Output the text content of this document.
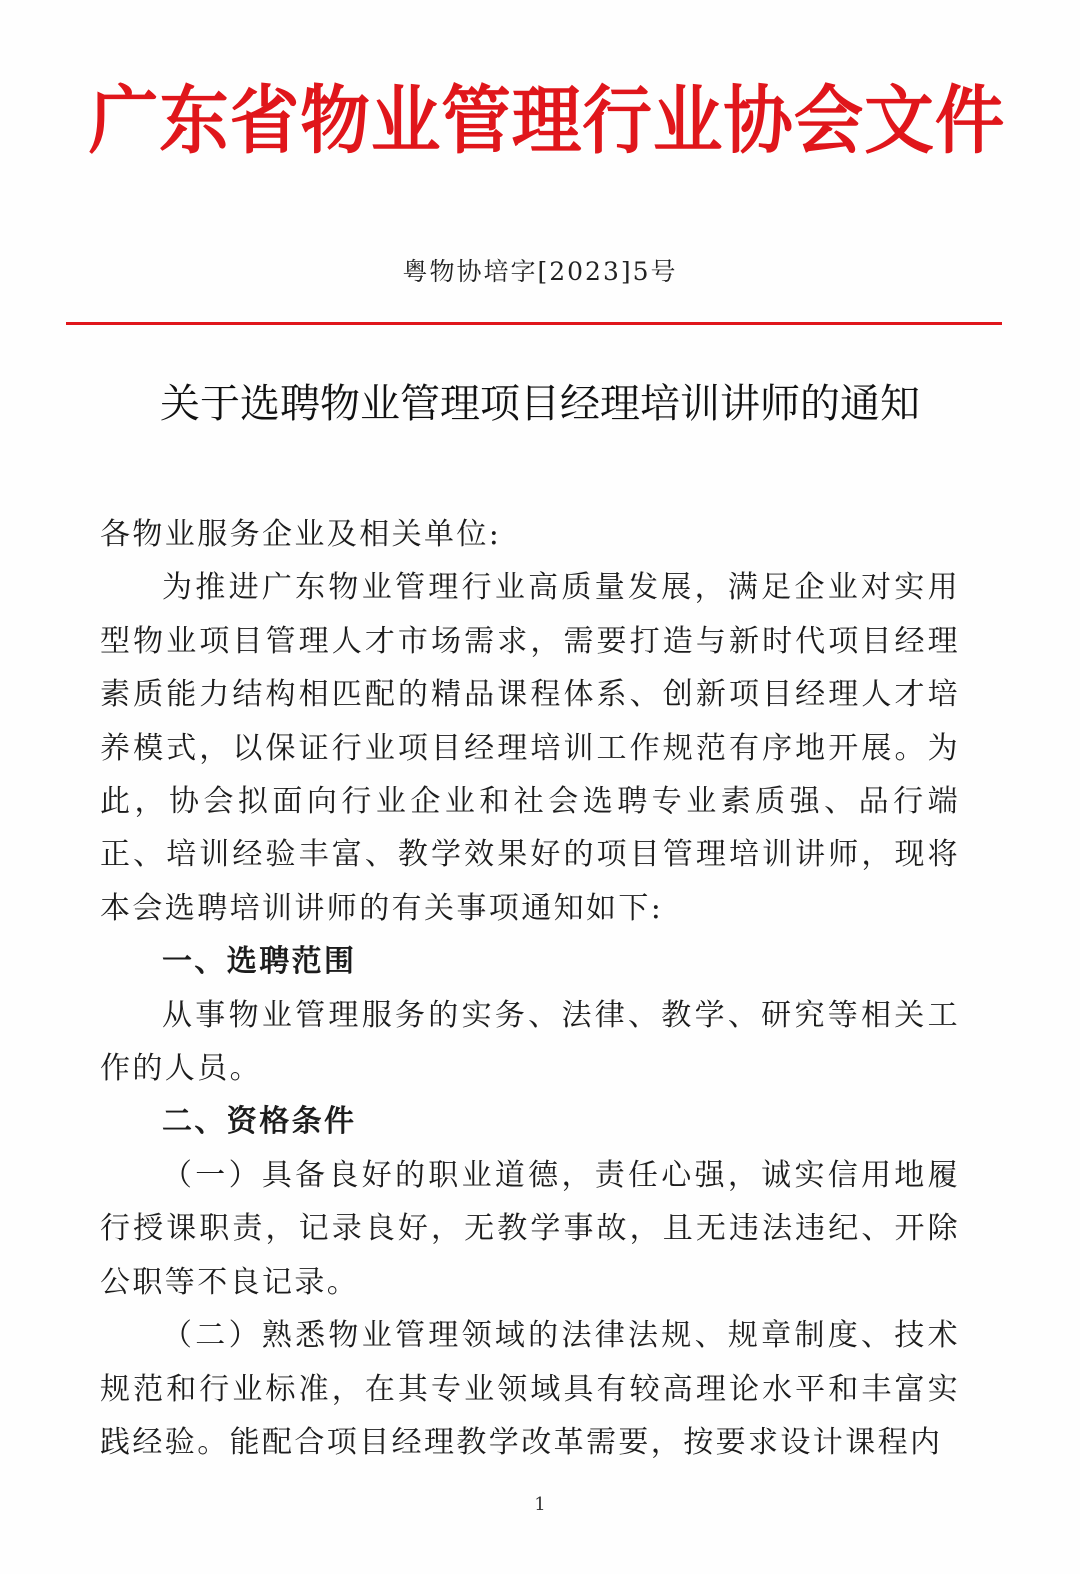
广东省物业管理行业协会文件
粤物协培字[2023]5号
关于选聘物业管理项目经理培训讲师的通知

各物业服务企业及相关单位:

为推进广东物业管理行业高质量发展，满足企业对实用型物业项目管理人才市场需求，需要打造与新时代项目经理素质能力结构相匹配的精品课程体系、创新项目经理人才培养模式，以保证行业项目经理培训工作规范有序地开展。为此，协会拟面向行业企业和社会选聘专业素质强、品行端正、培训经验丰富、教学效果好的项目管理培训讲师，现将本会选聘培训讲师的有关事项通知如下:

一、选聘范围

从事物业管理服务的实务、法律、教学、研究等相关工作的人员。

二、资格条件

（一）具备良好的职业道德，责任心强，诚实信用地履行授课职责，记录良好，无教学事故，且无违法违纪、开除公职等不良记录。

（二）熟悉物业管理领域的法律法规、规章制度、技术规范和行业标准，在其专业领域具有较高理论水平和丰富实践经验。能配合项目经理教学改革需要，按要求设计课程内

1
